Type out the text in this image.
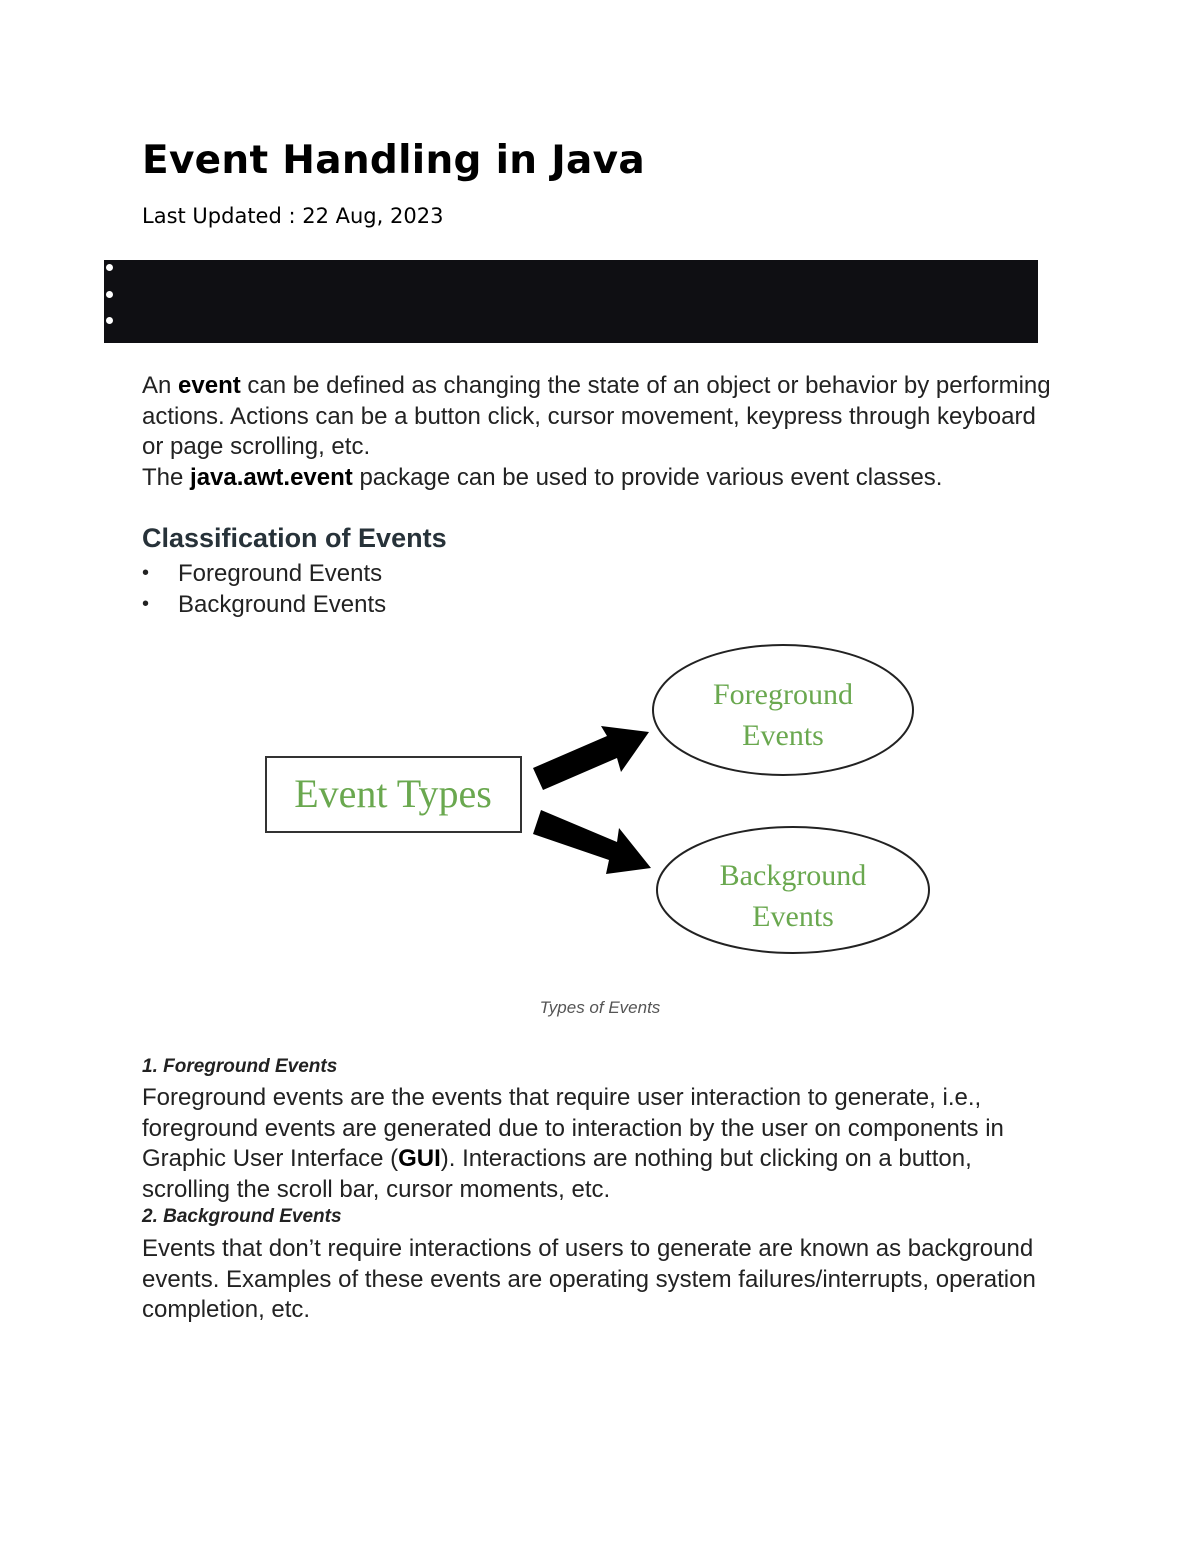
Event Handling in Java
Last Updated : 22 Aug, 2023
An event can be defined as changing the state of an object or behavior by performing actions. Actions can be a button click, cursor movement, keypress through keyboard or page scrolling, etc.
The java.awt.event package can be used to provide various event classes.
Classification of Events
• Foreground Events
• Background Events
Event Types
Foreground
Events
Background
Events
Types of Events
1. Foreground Events
Foreground events are the events that require user interaction to generate, i.e., foreground events are generated due to interaction by the user on components in Graphic User Interface (GUI). Interactions are nothing but clicking on a button, scrolling the scroll bar, cursor moments, etc.
2. Background Events
Events that don’t require interactions of users to generate are known as background events. Examples of these events are operating system failures/interrupts, operation completion, etc.
